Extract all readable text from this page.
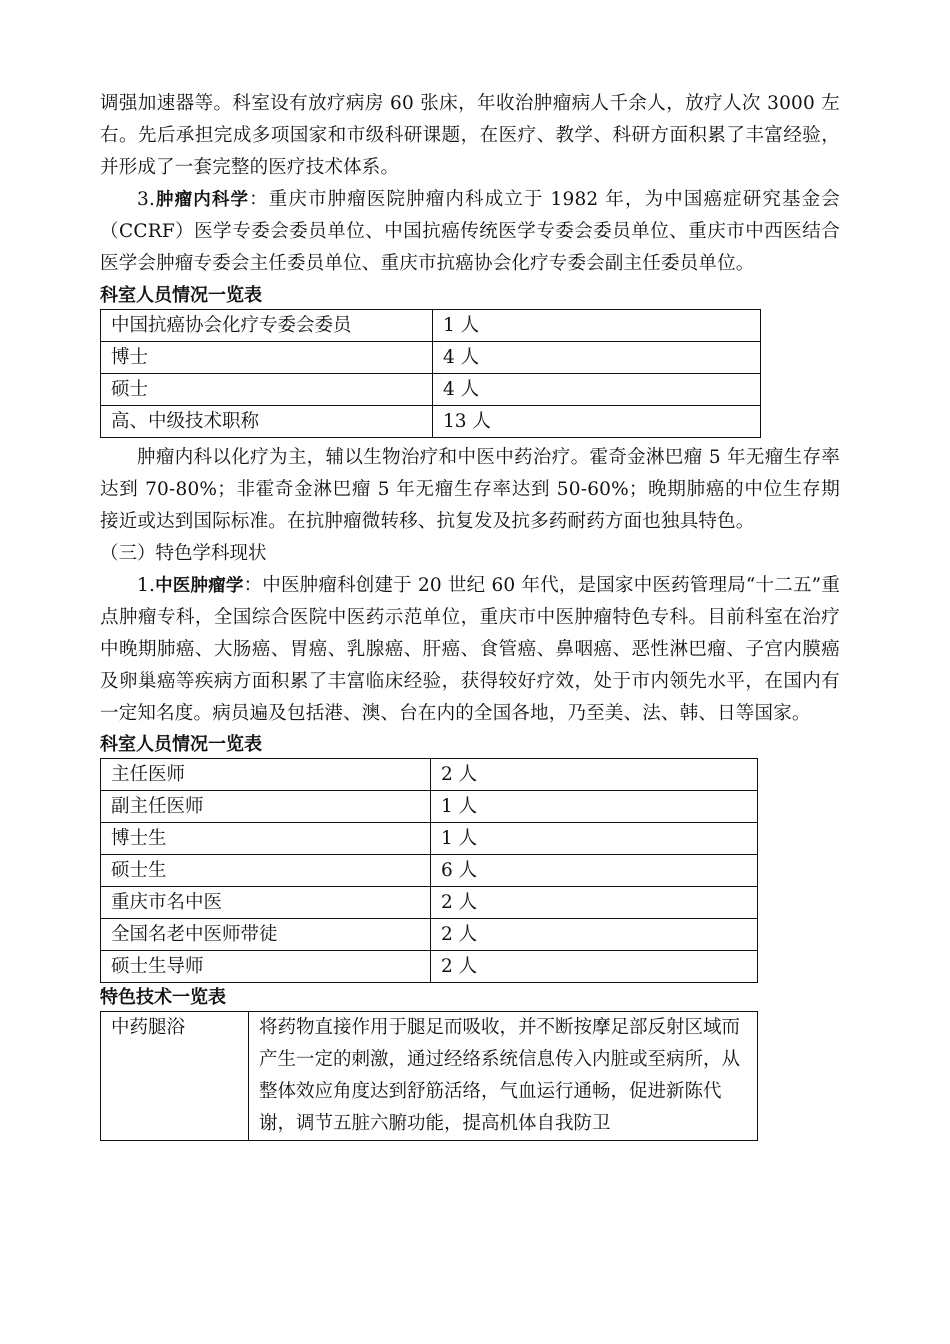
调强加速器等。科室设有放疗病房 60 张床，年收治肿瘤病人千余人，放疗人次 3000 左右。先后承担完成多项国家和市级科研课题，在医疗、教学、科研方面积累了丰富经验，并形成了一套完整的医疗技术体系。

3.肿瘤内科学：重庆市肿瘤医院肿瘤内科成立于 1982 年，为中国癌症研究基金会（CCRF）医学专委会委员单位、中国抗癌传统医学专委会委员单位、重庆市中西医结合医学会肿瘤专委会主任委员单位、重庆市抗癌协会化疗专委会副主任委员单位。

科室人员情况一览表

中国抗癌协会化疗专委会委员	1 人
博士	4 人
硕士	4 人
高、中级技术职称	13 人

肿瘤内科以化疗为主，辅以生物治疗和中医中药治疗。霍奇金淋巴瘤 5 年无瘤生存率达到 70-80%；非霍奇金淋巴瘤 5 年无瘤生存率达到 50-60%；晚期肺癌的中位生存期接近或达到国际标准。在抗肿瘤微转移、抗复发及抗多药耐药方面也独具特色。

（三）特色学科现状

1.中医肿瘤学：中医肿瘤科创建于 20 世纪 60 年代，是国家中医药管理局“十二五”重点肿瘤专科，全国综合医院中医药示范单位，重庆市中医肿瘤特色专科。目前科室在治疗中晚期肺癌、大肠癌、胃癌、乳腺癌、肝癌、食管癌、鼻咽癌、恶性淋巴瘤、子宫内膜癌及卵巢癌等疾病方面积累了丰富临床经验，获得较好疗效，处于市内领先水平，在国内有一定知名度。病员遍及包括港、澳、台在内的全国各地，乃至美、法、韩、日等国家。

科室人员情况一览表

主任医师	2 人
副主任医师	1 人
博士生	1 人
硕士生	6 人
重庆市名中医	2 人
全国名老中医师带徒	2 人
硕士生导师	2 人

特色技术一览表

中药腿浴	将药物直接作用于腿足而吸收，并不断按摩足部反射区域而产生一定的刺激，通过经络系统信息传入内脏或至病所，从整体效应角度达到舒筋活络，气血运行通畅，促进新陈代谢，调节五脏六腑功能，提高机体自我防卫
